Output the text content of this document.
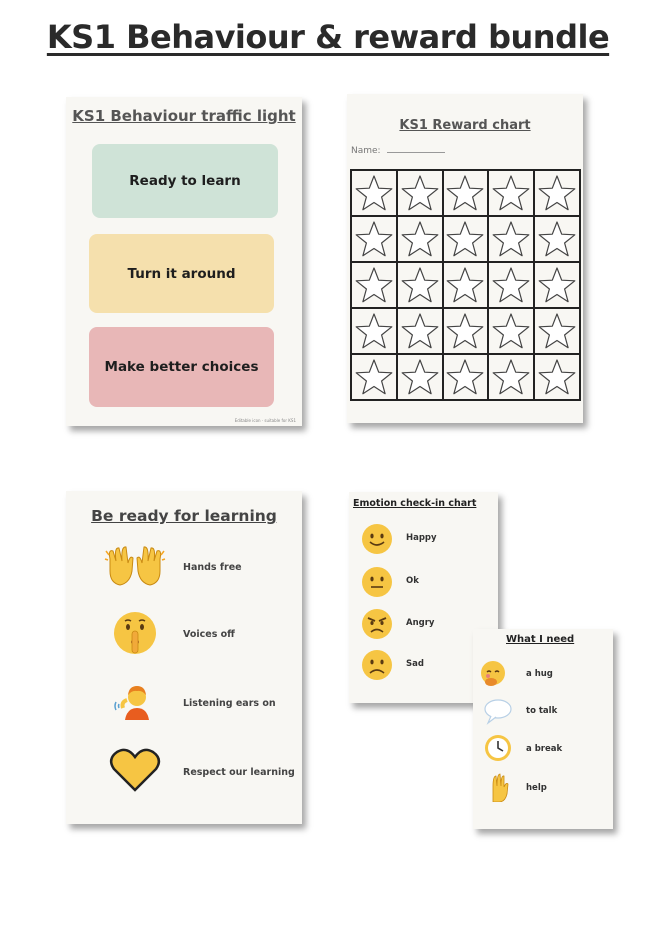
KS1 Behaviour & reward bundle
KS1 Behaviour traffic light
Ready to learn
Turn it around
Make better choices
Editable icon · suitable for KS1
KS1 Reward chart
Name:
Be ready for learning
Hands free
Voices off
Listening ears on
Respect our learning
Emotion check-in chart
Happy
Ok
Angry
Sad
What I need
a hug
to talk
a break
help
